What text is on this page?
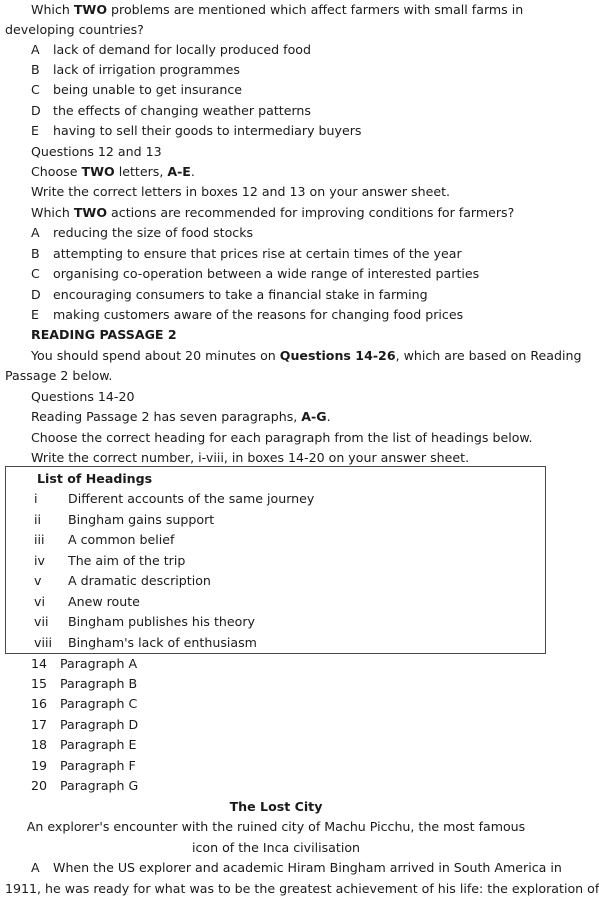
Which TWO problems are mentioned which affect farmers with small farms in
developing countries?
A lack of demand for locally produced food
B lack of irrigation programmes
C being unable to get insurance
D the effects of changing weather patterns
E having to sell their goods to intermediary buyers
Questions 12 and 13
Choose TWO letters, A-E.
Write the correct letters in boxes 12 and 13 on your answer sheet.
Which TWO actions are recommended for improving conditions for farmers?
A reducing the size of food stocks
B attempting to ensure that prices rise at certain times of the year
C organising co-operation between a wide range of interested parties
D encouraging consumers to take a financial stake in farming
E making customers aware of the reasons for changing food prices
READING PASSAGE 2
You should spend about 20 minutes on Questions 14-26, which are based on Reading
Passage 2 below.
Questions 14-20
Reading Passage 2 has seven paragraphs, A-G.
Choose the correct heading for each paragraph from the list of headings below.
Write the correct number, i-viii, in boxes 14-20 on your answer sheet.
List of Headings
i Different accounts of the same journey
ii Bingham gains support
iii A common belief
iv The aim of the trip
v A dramatic description
vi Anew route
vii Bingham publishes his theory
viii Bingham's lack of enthusiasm
14 Paragraph A
15 Paragraph B
16 Paragraph C
17 Paragraph D
18 Paragraph E
19 Paragraph F
20 Paragraph G
The Lost City
An explorer's encounter with the ruined city of Machu Picchu, the most famous
icon of the Inca civilisation
A When the US explorer and academic Hiram Bingham arrived in South America in
1911, he was ready for what was to be the greatest achievement of his life: the exploration of
